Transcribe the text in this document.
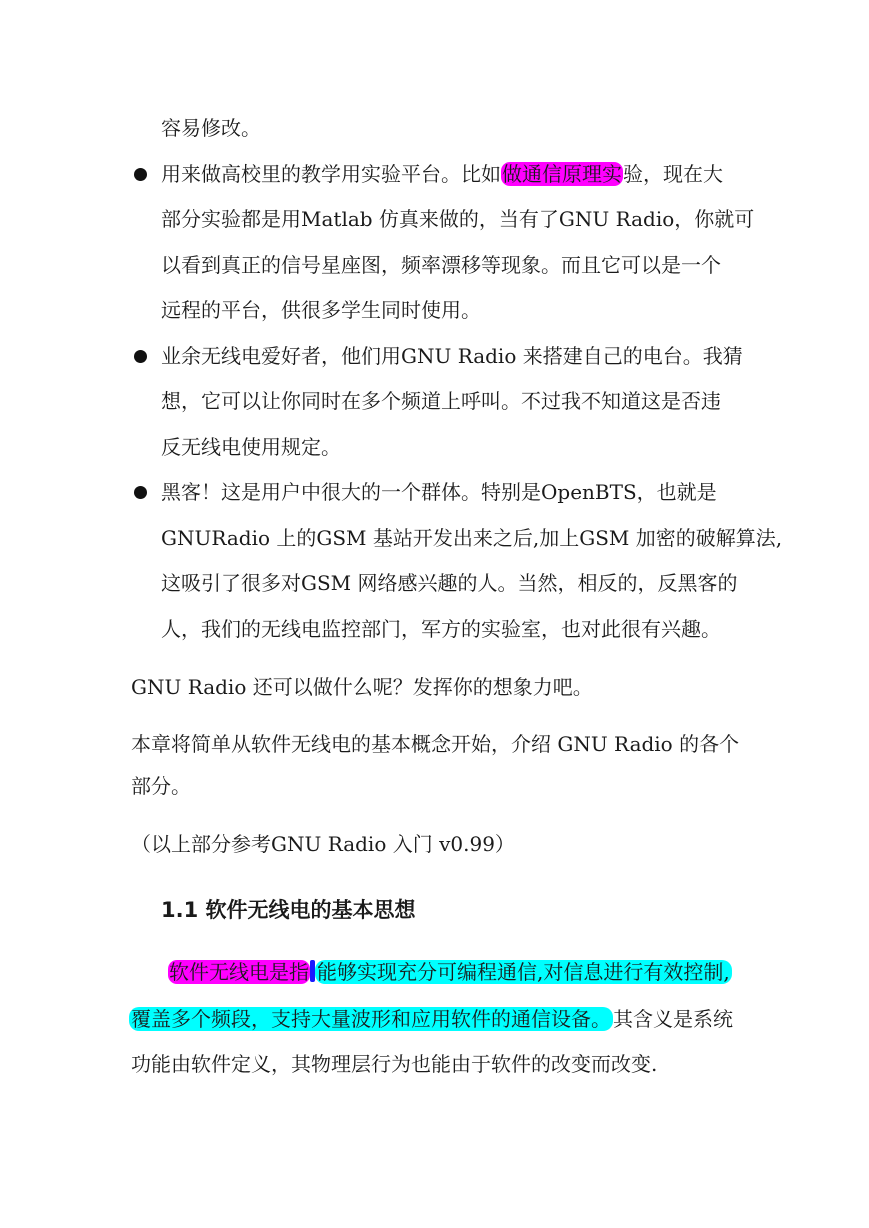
容易修改。
用来做高校里的教学用实验平台。比如做通信原理实验，现在大
部分实验都是用Matlab 仿真来做的，当有了GNU Radio，你就可
以看到真正的信号星座图，频率漂移等现象。而且它可以是一个
远程的平台，供很多学生同时使用。
业余无线电爱好者，他们用GNU Radio 来搭建自己的电台。我猜
想，它可以让你同时在多个频道上呼叫。不过我不知道这是否违
反无线电使用规定。
黑客！这是用户中很大的一个群体。特别是OpenBTS，也就是
GNURadio 上的GSM 基站开发出来之后,加上GSM 加密的破解算法,
这吸引了很多对GSM 网络感兴趣的人。当然，相反的，反黑客的
人，我们的无线电监控部门，军方的实验室，也对此很有兴趣。
GNU Radio 还可以做什么呢？发挥你的想象力吧。
本章将简单从软件无线电的基本概念开始，介绍 GNU Radio 的各个
部分。
（以上部分参考GNU Radio 入门 v0.99）
1.1 软件无线电的基本思想
软件无线电是指 能够实现充分可编程通信,对信息进行有效控制,
覆盖多个频段，支持大量波形和应用软件的通信设备。 其含义是系统
功能由软件定义，其物理层行为也能由于软件的改变而改变.
